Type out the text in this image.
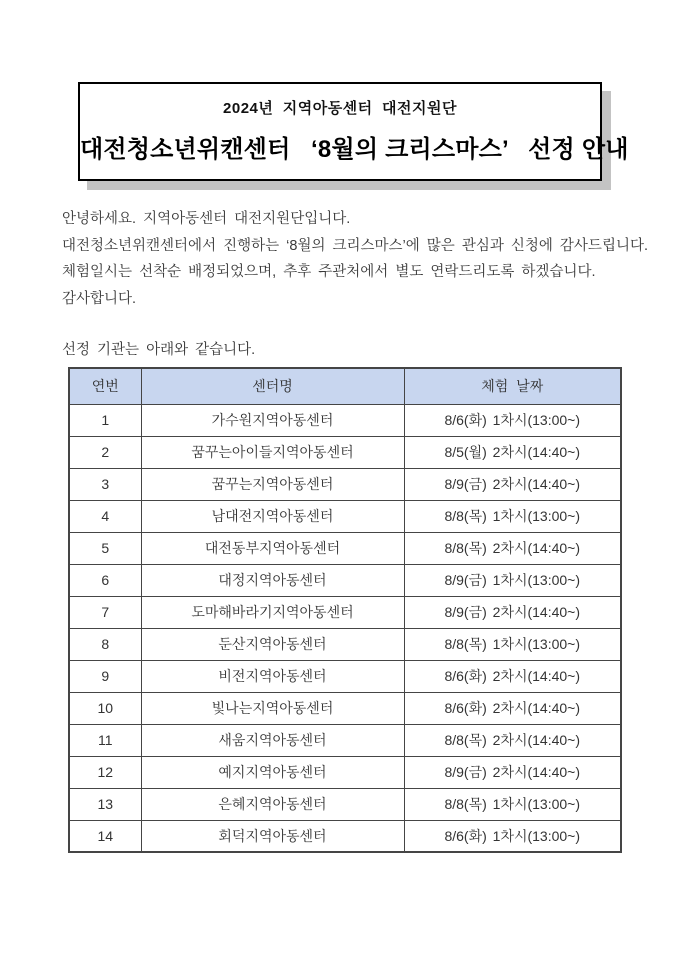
2024년  지역아동센터  대전지원단
대전청소년위캔센터   ‘8월의 크리스마스’   선정 안내

안녕하세요. 지역아동센터 대전지원단입니다.

대전청소년위캔센터에서 진행하는 ‘8월의 크리스마스’에 많은 관심과 신청에 감사드립니다.

체험일시는 선착순 배정되었으며, 추후 주관처에서 별도 연락드리도록 하겠습니다.

감사합니다.

선정 기관는 아래와 같습니다.

연번	센터명	체험 날짜
1	가수원지역아동센터	8/6(화) 1차시(13:00~)
2	꿈꾸는아이들지역아동센터	8/5(월) 2차시(14:40~)
3	꿈꾸는지역아동센터	8/9(금) 2차시(14:40~)
4	남대전지역아동센터	8/8(목) 1차시(13:00~)
5	대전동부지역아동센터	8/8(목) 2차시(14:40~)
6	대정지역아동센터	8/9(금) 1차시(13:00~)
7	도마해바라기지역아동센터	8/9(금) 2차시(14:40~)
8	둔산지역아동센터	8/8(목) 1차시(13:00~)
9	비전지역아동센터	8/6(화) 2차시(14:40~)
10	빛나는지역아동센터	8/6(화) 2차시(14:40~)
11	새움지역아동센터	8/8(목) 2차시(14:40~)
12	예지지역아동센터	8/9(금) 2차시(14:40~)
13	은혜지역아동센터	8/8(목) 1차시(13:00~)
14	회덕지역아동센터	8/6(화) 1차시(13:00~)
